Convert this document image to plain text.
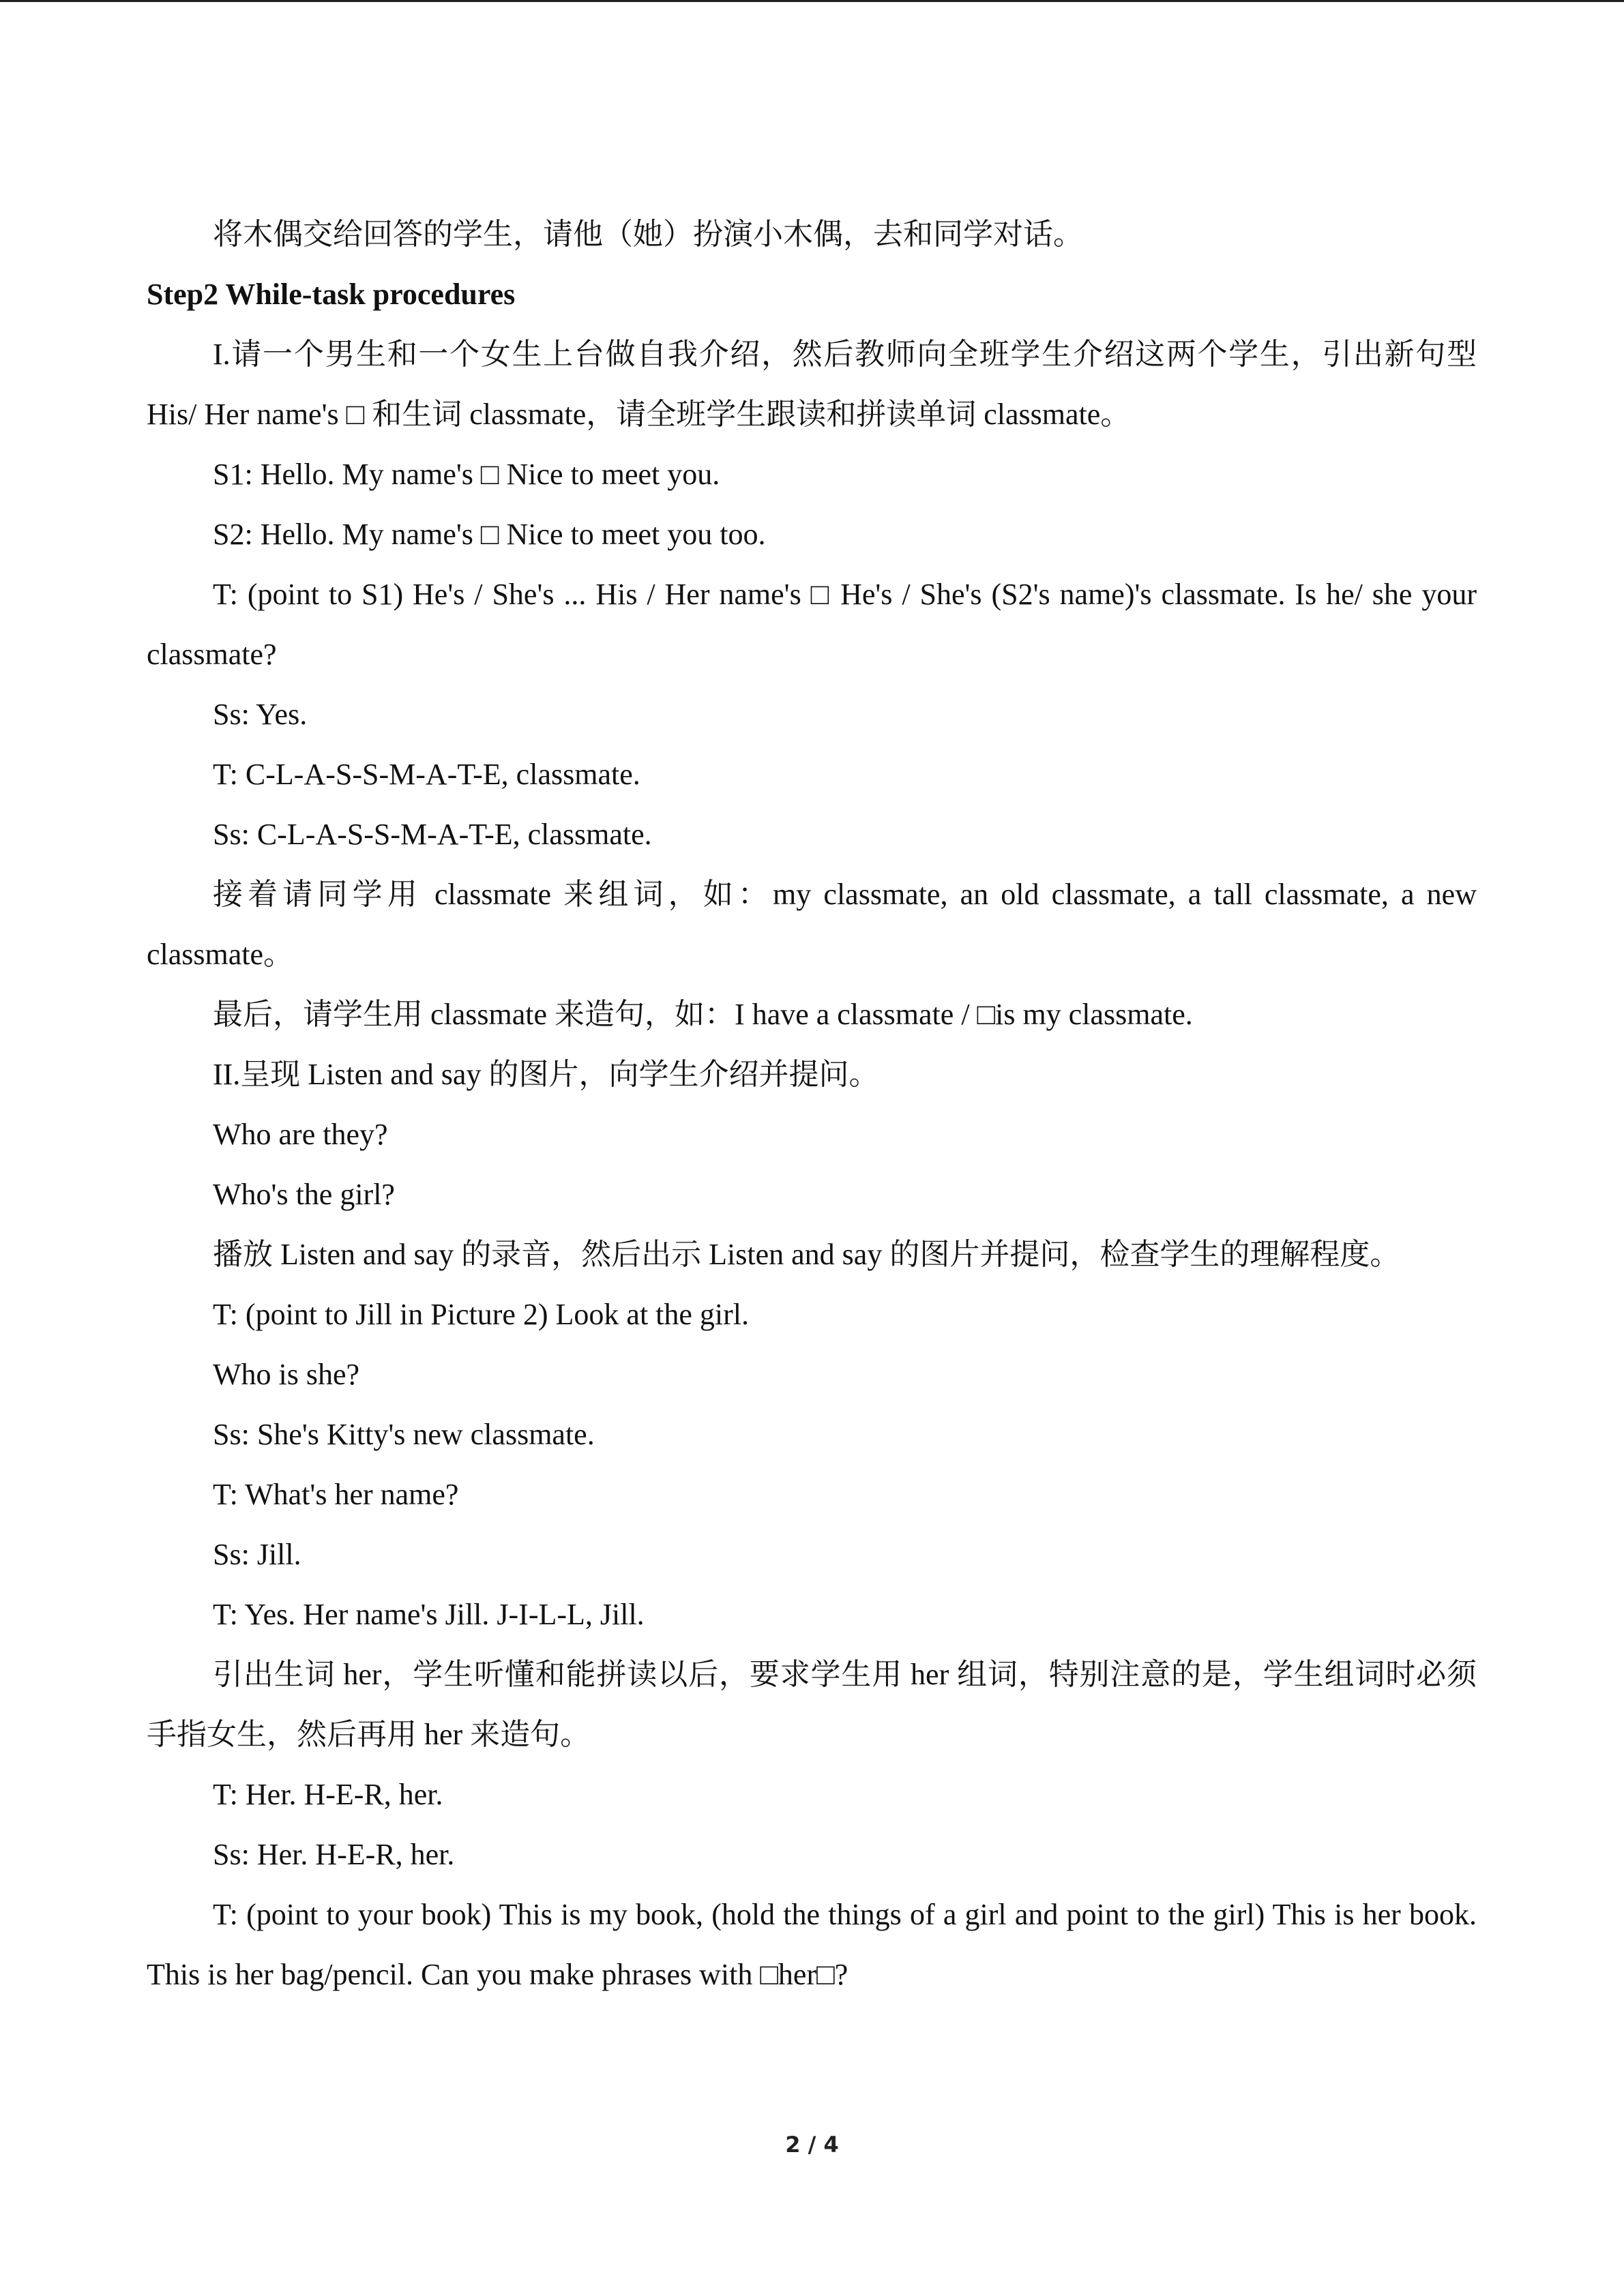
将木偶交给回答的学生，请他（她）扮演小木偶，去和同学对话。

Step2 While-task procedures

I.请一个男生和一个女生上台做自我介绍，然后教师向全班学生介绍这两个学生，引出新句型 His/ Her name's □ 和生词 classmate，请全班学生跟读和拼读单词 classmate。

S1: Hello. My name's □ Nice to meet you.

S2: Hello. My name's □ Nice to meet you too.

T: (point to S1) He's / She's ... His / Her name's □ He's / She's (S2's name)'s classmate. Is he/ she your classmate?

Ss: Yes.

T: C-L-A-S-S-M-A-T-E, classmate.

Ss: C-L-A-S-S-M-A-T-E, classmate.

接着请同学用 classmate 来组词，如：my classmate, an old classmate, a tall classmate, a new classmate。

最后，请学生用 classmate 来造句，如：I have a classmate / □is my classmate.

II.呈现 Listen and say 的图片，向学生介绍并提问。

Who are they?

Who's the girl?

播放 Listen and say 的录音，然后出示 Listen and say 的图片并提问，检查学生的理解程度。

T: (point to Jill in Picture 2) Look at the girl.

Who is she?

Ss: She's Kitty's new classmate.

T: What's her name?

Ss: Jill.

T: Yes. Her name's Jill. J-I-L-L, Jill.

引出生词 her，学生听懂和能拼读以后，要求学生用 her 组词，特别注意的是，学生组词时必须手指女生，然后再用 her 来造句。

T: Her. H-E-R, her.

Ss: Her. H-E-R, her.

T: (point to your book) This is my book, (hold the things of a girl and point to the girl) This is her book. This is her bag/pencil. Can you make phrases with □her□?

2 / 4
